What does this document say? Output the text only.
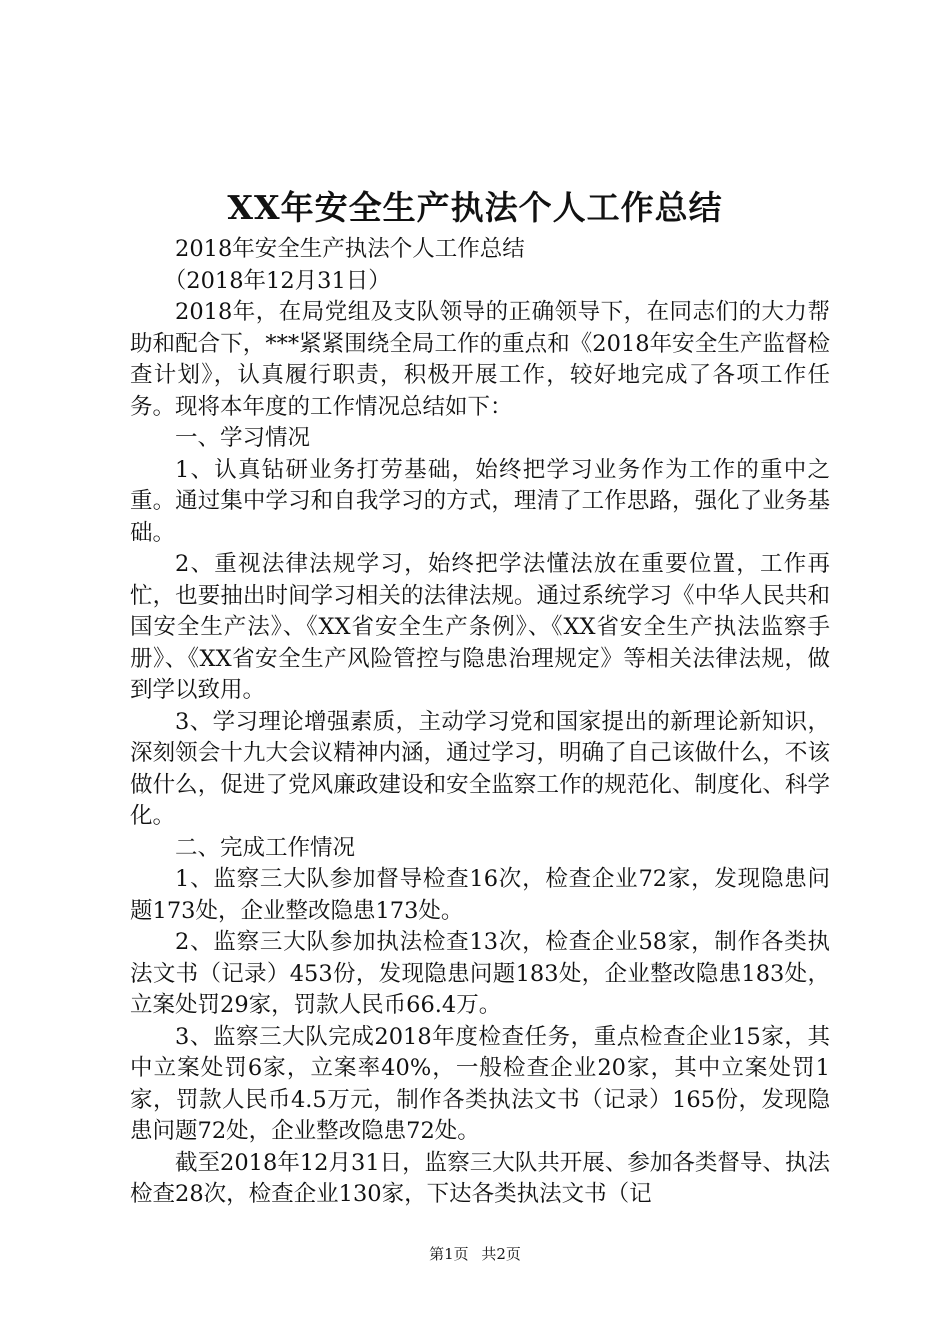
XX年安全生产执法个人工作总结

2018年安全生产执法个人工作总结

（2018年12月31日）

2018年，在局党组及支队领导的正确领导下，在同志们的大力帮助和配合下，***紧紧围绕全局工作的重点和《2018年安全生产监督检查计划》，认真履行职责，积极开展工作，较好地完成了各项工作任务。现将本年度的工作情况总结如下：

一、学习情况

1、认真钻研业务打劳基础，始终把学习业务作为工作的重中之重。通过集中学习和自我学习的方式，理清了工作思路，强化了业务基础。

2、重视法律法规学习，始终把学法懂法放在重要位置，工作再忙，也要抽出时间学习相关的法律法规。通过系统学习《中华人民共和国安全生产法》、《XX省安全生产条例》、《XX省安全生产执法监察手册》、《XX省安全生产风险管控与隐患治理规定》等相关法律法规，做到学以致用。

3、学习理论增强素质，主动学习党和国家提出的新理论新知识，深刻领会十九大会议精神内涵，通过学习，明确了自己该做什么，不该做什么，促进了党风廉政建设和安全监察工作的规范化、制度化、科学化。

二、完成工作情况

1、监察三大队参加督导检查16次，检查企业72家，发现隐患问题173处，企业整改隐患173处。

2、监察三大队参加执法检查13次，检查企业58家，制作各类执法文书（记录）453份，发现隐患问题183处，企业整改隐患183处，立案处罚29家，罚款人民币66.4万。

3、监察三大队完成2018年度检查任务，重点检查企业15家，其中立案处罚6家，立案率40%，一般检查企业20家，其中立案处罚1家，罚款人民币4.5万元，制作各类执法文书（记录）165份，发现隐患问题72处，企业整改隐患72处。

截至2018年12月31日，监察三大队共开展、参加各类督导、执法检查28次，检查企业130家，下达各类执法文书（记

第1页 共2页
